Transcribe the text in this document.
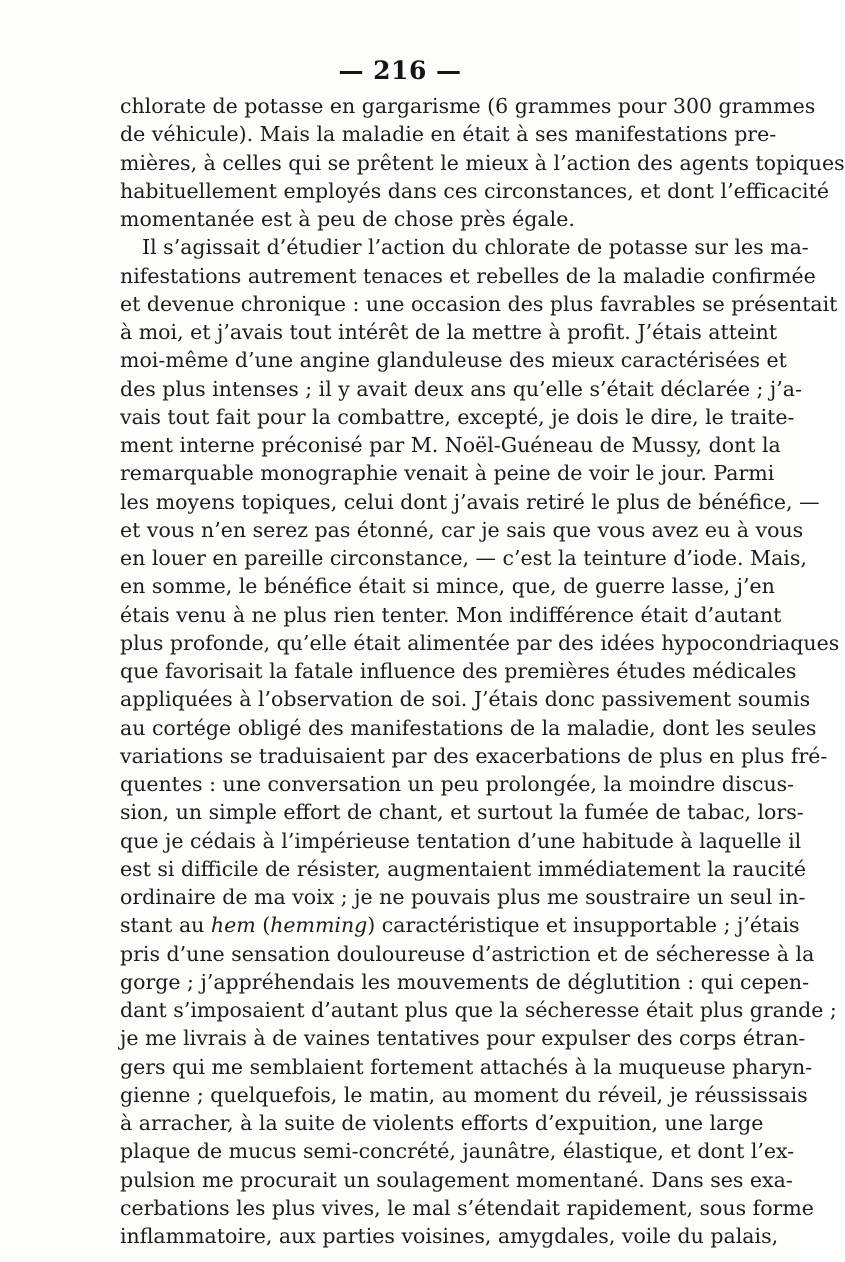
— 216 —
chlorate de potasse en gargarisme (6 grammes pour 300 grammes
de véhicule). Mais la maladie en était à ses manifestations pre-
mières, à celles qui se prêtent le mieux à l’action des agents topiques
habituellement employés dans ces circonstances, et dont l’efficacité
momentanée est à peu de chose près égale.
Il s’agissait d’étudier l’action du chlorate de potasse sur les ma-
nifestations autrement tenaces et rebelles de la maladie confirmée
et devenue chronique : une occasion des plus favrables se présentait
à moi, et j’avais tout intérêt de la mettre à profit. J’étais atteint
moi-même d’une angine glanduleuse des mieux caractérisées et
des plus intenses ; il y avait deux ans qu’elle s’était déclarée ; j’a-
vais tout fait pour la combattre, excepté, je dois le dire, le traite-
ment interne préconisé par M. Noël-Guéneau de Mussy, dont la
remarquable monographie venait à peine de voir le jour. Parmi
les moyens topiques, celui dont j’avais retiré le plus de bénéfice, —
et vous n’en serez pas étonné, car je sais que vous avez eu à vous
en louer en pareille circonstance, — c’est la teinture d’iode. Mais,
en somme, le bénéfice était si mince, que, de guerre lasse, j’en
étais venu à ne plus rien tenter. Mon indifférence était d’autant
plus profonde, qu’elle était alimentée par des idées hypocondriaques
que favorisait la fatale influence des premières études médicales
appliquées à l’observation de soi. J’étais donc passivement soumis
au cortége obligé des manifestations de la maladie, dont les seules
variations se traduisaient par des exacerbations de plus en plus fré-
quentes : une conversation un peu prolongée, la moindre discus-
sion, un simple effort de chant, et surtout la fumée de tabac, lors-
que je cédais à l’impérieuse tentation d’une habitude à laquelle il
est si difficile de résister, augmentaient immédiatement la raucité
ordinaire de ma voix ; je ne pouvais plus me soustraire un seul in-
stant au hem (hemming) caractéristique et insupportable ; j’étais
pris d’une sensation douloureuse d’astriction et de sécheresse à la
gorge ; j’appréhendais les mouvements de déglutition : qui cepen-
dant s’imposaient d’autant plus que la sécheresse était plus grande ;
je me livrais à de vaines tentatives pour expulser des corps étran-
gers qui me semblaient fortement attachés à la muqueuse pharyn-
gienne ; quelquefois, le matin, au moment du réveil, je réussissais
à arracher, à la suite de violents efforts d’expuition, une large
plaque de mucus semi-concrété, jaunâtre, élastique, et dont l’ex-
pulsion me procurait un soulagement momentané. Dans ses exa-
cerbations les plus vives, le mal s’étendait rapidement, sous forme
inflammatoire, aux parties voisines, amygdales, voile du palais,
